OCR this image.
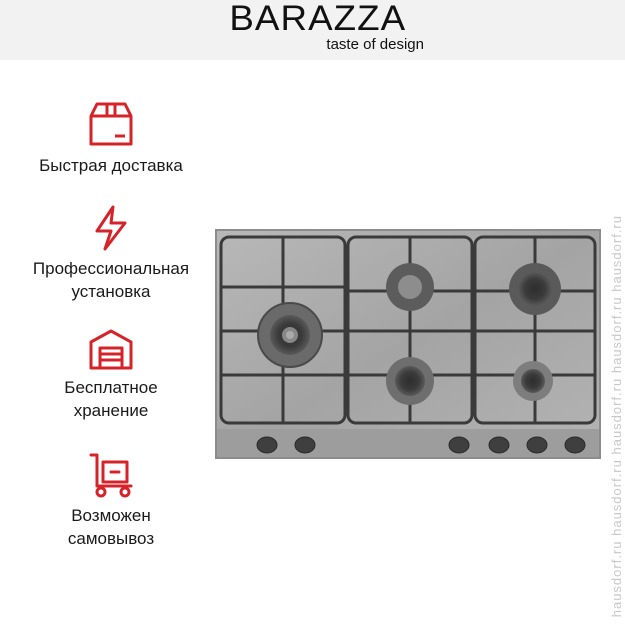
BARAZZA
taste of design
Быстрая доставка
Профессиональная установка
Бесплатное хранение
Возможен самовывоз	hausdorf.ru hausdorf.ru hausdorf.ru hausdorf.ru hausdorf.ru
